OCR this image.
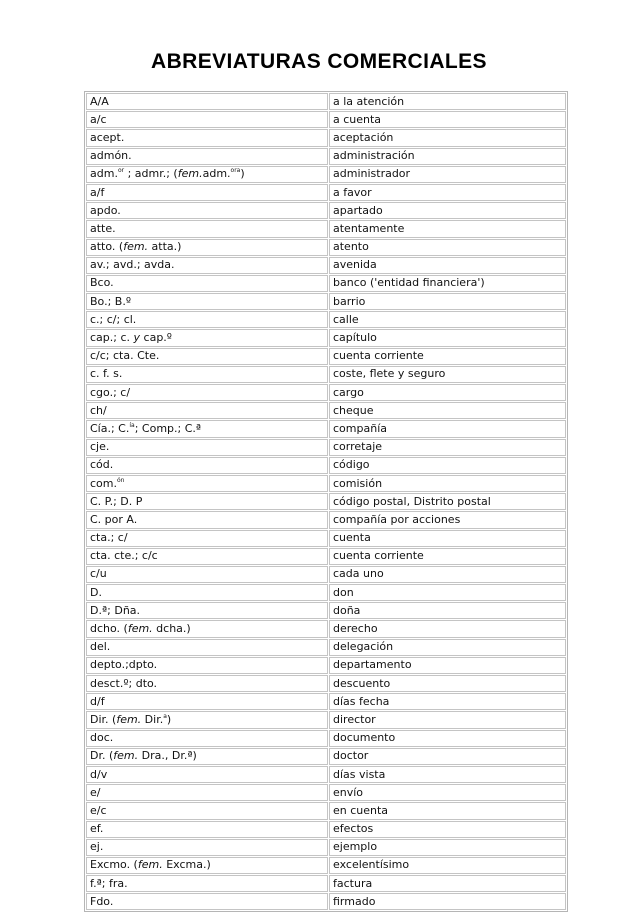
ABREVIATURAS COMERCIALES
A/A	a la atención
a/c	a cuenta
acept.	aceptación
admón.	administración
adm.$^{or}$ ; admr.; (fem.adm.$^{ora}$)	administrador
a/f	a favor
apdo.	apartado
atte.	atentamente
atto. (fem. atta.)	atento
av.; avd.; avda.	avenida
Bco.	banco ('entidad financiera')
Bo.; B.º	barrio
c.; c/; cl.	calle
cap.; c. y cap.º	capítulo
c/c; cta. Cte.	cuenta corriente
c. f. s.	coste, flete y seguro
cgo.; c/	cargo
ch/	cheque
Cía.; C.$^{ía}$; Comp.; C.ª	compañía
cje.	corretaje
cód.	código
com.$^{ón}$	comisión
C. P.; D. P	código postal, Distrito postal
C. por A.	compañía por acciones
cta.; c/	cuenta
cta. cte.; c/c	cuenta corriente
c/u	cada uno
D.	don
D.ª; Dña.	doña
dcho. (fem. dcha.)	derecho
del.	delegación
depto.;dpto.	departamento
desct.º; dto.	descuento
d/f	días fecha
Dir. (fem. Dir.$^a$)	director
doc.	documento
Dr. (fem. Dra., Dr.ª)	doctor
d/v	días vista
e/	envío
e/c	en cuenta
ef.	efectos
ej.	ejemplo
Excmo. (fem. Excma.)	excelentísimo
f.ª; fra.	factura
Fdo.	firmado
